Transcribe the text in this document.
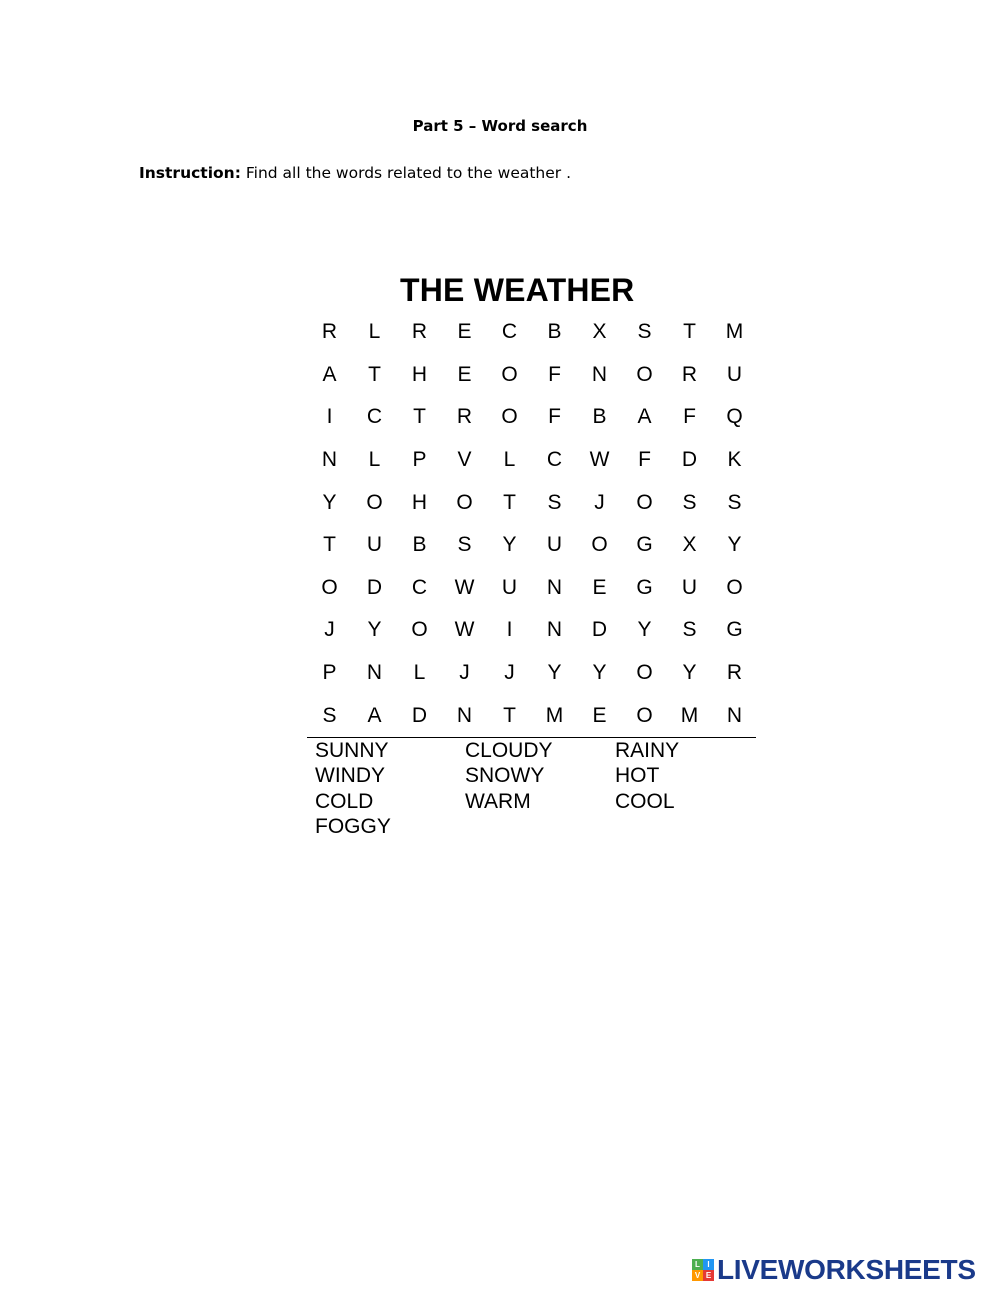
Part 5 – Word search
Instruction: Find all the words related to the weather .
THE WEATHER
R	L	R	E	C	B	X	S	T	M
A	T	H	E	O	F	N	O	R	U
I	C	T	R	O	F	B	A	F	Q
N	L	P	V	L	C	W	F	D	K
Y	O	H	O	T	S	J	O	S	S
T	U	B	S	Y	U	O	G	X	Y
O	D	C	W	U	N	E	G	U	O
J	Y	O	W	I	N	D	Y	S	G
P	N	L	J	J	Y	Y	O	Y	R
S	A	D	N	T	M	E	O	M	N
SUNNY	CLOUDY	RAINY
WINDY	SNOWY	HOT
COLD	WARM	COOL
FOGGY
L I
V E LIVEWORKSHEETS
